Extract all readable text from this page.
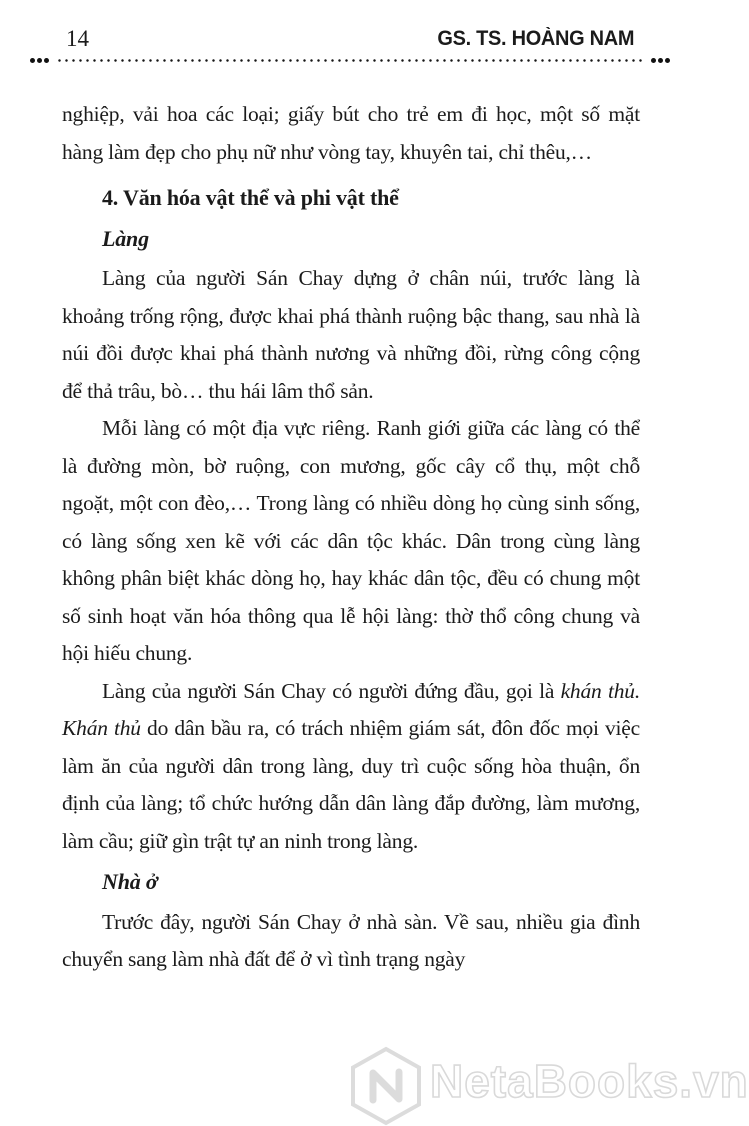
14	GS. TS. HOÀNG NAM

nghiệp, vải hoa các loại; giấy bút cho trẻ em đi học, một số mặt hàng làm đẹp cho phụ nữ như vòng tay, khuyên tai, chỉ thêu,…

4. Văn hóa vật thể và phi vật thể
Làng

Làng của người Sán Chay dựng ở chân núi, trước làng là khoảng trống rộng, được khai phá thành ruộng bậc thang, sau nhà là núi đồi được khai phá thành nương và những đồi, rừng công cộng để thả trâu, bò… thu hái lâm thổ sản.

Mỗi làng có một địa vực riêng. Ranh giới giữa các làng có thể là đường mòn, bờ ruộng, con mương, gốc cây cổ thụ, một chỗ ngoặt, một con đèo,… Trong làng có nhiều dòng họ cùng sinh sống, có làng sống xen kẽ với các dân tộc khác. Dân trong cùng làng không phân biệt khác dòng họ, hay khác dân tộc, đều có chung một số sinh hoạt văn hóa thông qua lễ hội làng: thờ thổ công chung và hội hiếu chung.

Làng của người Sán Chay có người đứng đầu, gọi là khán thủ. Khán thủ do dân bầu ra, có trách nhiệm giám sát, đôn đốc mọi việc làm ăn của người dân trong làng, duy trì cuộc sống hòa thuận, ổn định của làng; tổ chức hướng dẫn dân làng đắp đường, làm mương, làm cầu; giữ gìn trật tự an ninh trong làng.

Nhà ở

Trước đây, người Sán Chay ở nhà sàn. Về sau, nhiều gia đình chuyển sang làm nhà đất để ở vì tình trạng ngày

NetaBooks.vn
